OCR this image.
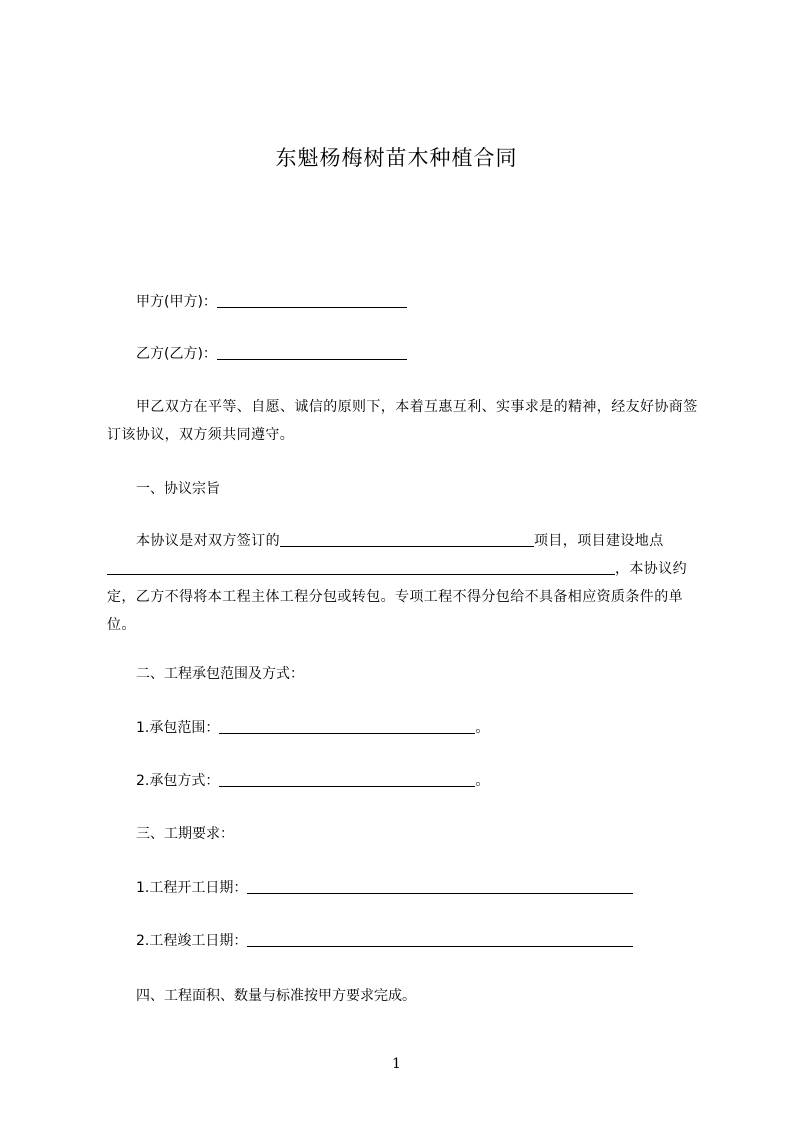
东魁杨梅树苗木种植合同
甲方(甲方)：
乙方(乙方)：
甲乙双方在平等、自愿、诚信的原则下，本着互惠互利、实事求是的精神，经友好协商签订该协议，双方须共同遵守。
一、协议宗旨
本协议是对双方签订的	项目，项目建设地点，本协议约定，乙方不得将本工程主体工程分包或转包。专项工程不得分包给不具备相应资质条件的单位。
二、工程承包范围及方式：
1.承包范围：	。
2.承包方式：	。
三、工期要求：
1.工程开工日期：
2.工程竣工日期：
四、工程面积、数量与标准按甲方要求完成。
1
